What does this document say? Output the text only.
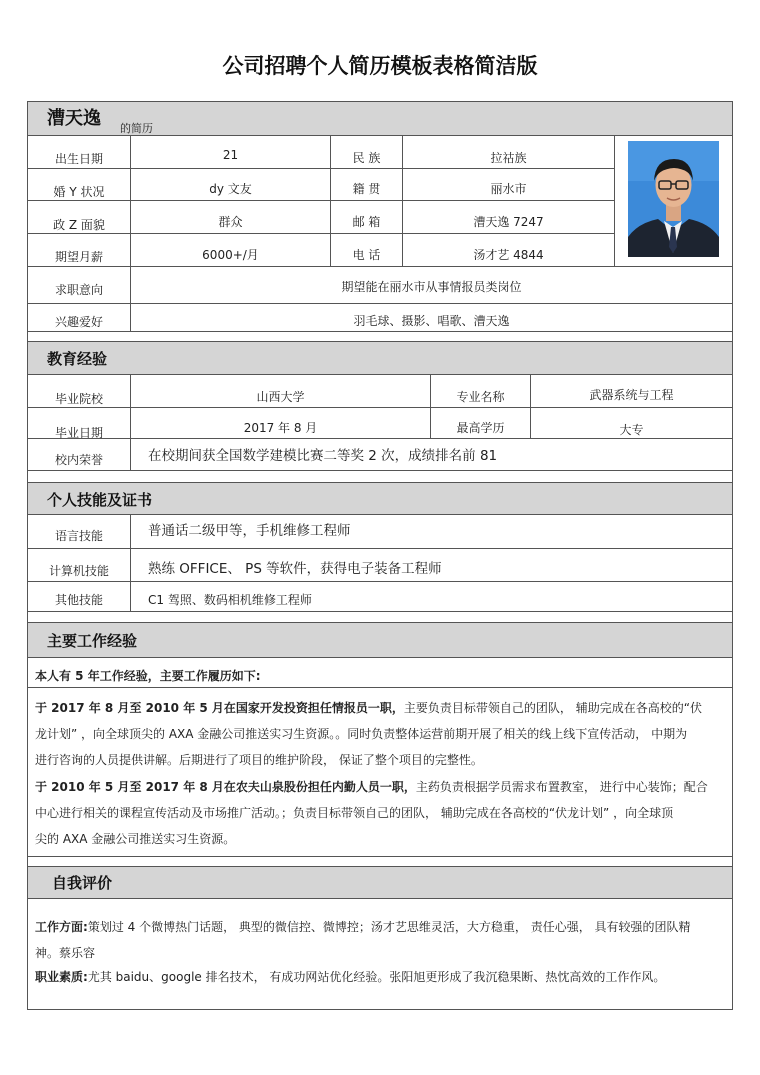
公司招聘个人简历模板表格简洁版
漕天逸 的简历
出生日期	21	民 族	拉祜族
婚 Y 状况	dy 文友	籍 贯	丽水市
政 Z 面貌	群众	邮 箱	漕天逸 7247
期望月薪	6000+/月	电 话	汤才艺 4844
求职意向	期望能在丽水市从事情报员类岗位
兴趣爱好	羽毛球、摄影、唱歌、漕天逸
教育经验
毕业院校	山西大学	专业名称	武器系统与工程
毕业日期	2017 年 8 月	最高学历	大专
校内荣誉	在校期间获全国数学建模比赛二等奖 2 次，成绩排名前 81
个人技能及证书
语言技能	普通话二级甲等，手机维修工程师
计算机技能	熟练 OFFICE、 PS 等软件，获得电子装备工程师
其他技能	C1 驾照、数码相机维修工程师
主要工作经验
本人有 5 年工作经验，主要工作履历如下:
于 2017 年 8 月至 2010 年 5 月在国家开发投资担任情报员一职，主要负责目标带领自己的团队， 辅助完成在各高校的“伏
龙计划” ，向全球顶尖的 AXA 金融公司推送实习生资源。。同时负责整体运营前期开展了相关的线上线下宣传活动， 中期为
进行咨询的人员提供讲解。后期进行了项目的维护阶段， 保证了整个项目的完整性。
于 2010 年 5 月至 2017 年 8 月在农夫山泉股份担任内勤人员一职，主药负责根据学员需求布置教室， 进行中心装饰；配合
中心进行相关的课程宣传活动及市场推广活动。；负责目标带领自己的团队， 辅助完成在各高校的“伏龙计划” ，向全球顶
尖的 AXA 金融公司推送实习生资源。
自我评价
工作方面:策划过 4 个微博热门话题， 典型的微信控、微博控；汤才艺思维灵活，大方稳重， 责任心强， 具有较强的团队精
神。蔡乐容
职业素质:尤其 baidu、google 排名技术， 有成功网站优化经验。张阳旭更形成了我沉稳果断、热忱高效的工作作风。
